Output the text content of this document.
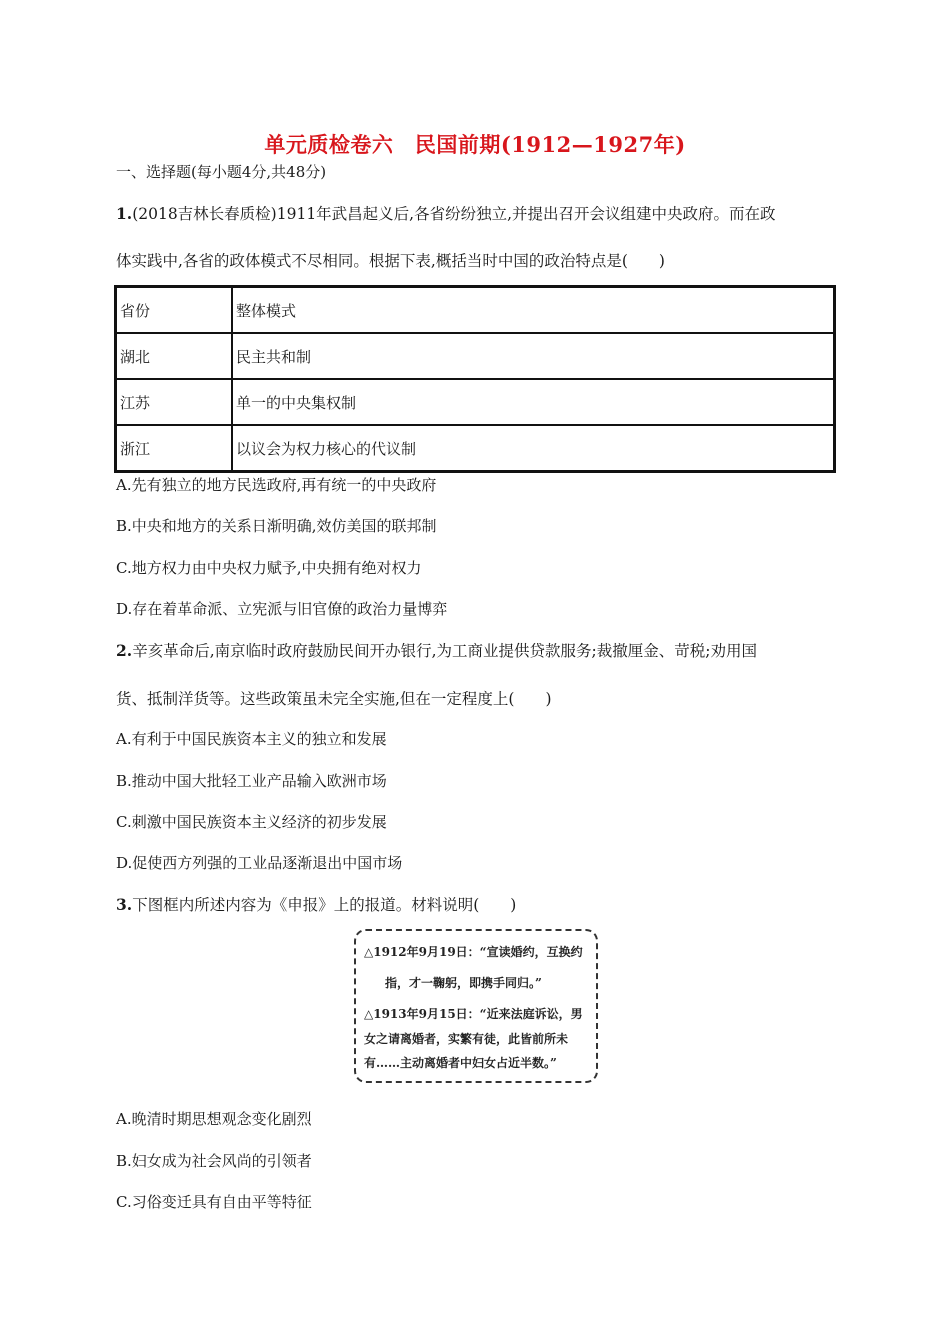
单元质检卷六　民国前期(1912—1927年)
一、选择题(每小题4分,共48分)
1.(2018吉林长春质检)1911年武昌起义后,各省纷纷独立,并提出召开会议组建中央政府。而在政
体实践中,各省的政体模式不尽相同。根据下表,概括当时中国的政治特点是(　　)
省份	整体模式
湖北	民主共和制
江苏	单一的中央集权制
浙江	以议会为权力核心的代议制
A.先有独立的地方民选政府,再有统一的中央政府
B.中央和地方的关系日渐明确,效仿美国的联邦制
C.地方权力由中央权力赋予,中央拥有绝对权力
D.存在着革命派、立宪派与旧官僚的政治力量博弈
2.辛亥革命后,南京临时政府鼓励民间开办银行,为工商业提供贷款服务;裁撤厘金、苛税;劝用国
货、抵制洋货等。这些政策虽未完全实施,但在一定程度上(　　)
A.有利于中国民族资本主义的独立和发展
B.推动中国大批轻工业产品输入欧洲市场
C.刺激中国民族资本主义经济的初步发展
D.促使西方列强的工业品逐渐退出中国市场
3.下图框内所述内容为《申报》上的报道。材料说明(　　)
△1912年9月19日：“宣读婚约，互换约
指，才一鞠躬，即携手同归。”
△1913年9月15日：“近来法庭诉讼，男
女之请离婚者，实繁有徒，此皆前所未
有……主动离婚者中妇女占近半数。”
A.晚清时期思想观念变化剧烈
B.妇女成为社会风尚的引领者
C.习俗变迁具有自由平等特征
